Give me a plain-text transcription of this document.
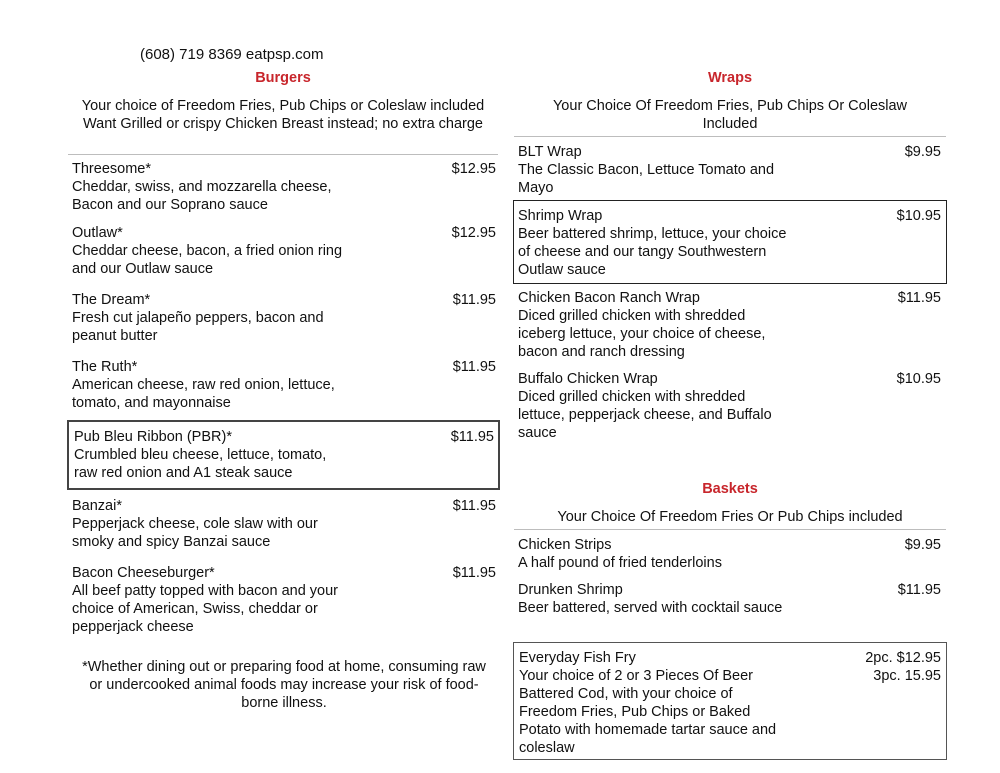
(608) 719 8369 eatpsp.com
Burgers
Your choice of Freedom Fries, Pub Chips or Coleslaw included
Want Grilled or crispy Chicken Breast instead; no extra charge
Threesome*	$12.95
Cheddar, swiss, and mozzarella cheese,
Bacon and our Soprano sauce
Outlaw*	$12.95
Cheddar cheese, bacon, a fried onion ring
and our Outlaw sauce
The Dream*	$11.95
Fresh cut jalapeño peppers, bacon and
peanut butter
The Ruth*	$11.95
American cheese, raw red onion, lettuce,
tomato, and mayonnaise
Pub Bleu Ribbon (PBR)*	$11.95
Crumbled bleu cheese, lettuce, tomato,
raw red onion and A1 steak sauce
Banzai*	$11.95
Pepperjack cheese, cole slaw with our
smoky and spicy Banzai sauce
Bacon Cheeseburger*	$11.95
All beef patty topped with bacon and your
choice of American, Swiss, cheddar or
pepperjack cheese
*Whether dining out or preparing food at home, consuming raw
or undercooked animal foods may increase your risk of food-
borne illness.
Wraps
Your Choice Of Freedom Fries, Pub Chips Or Coleslaw
Included
BLT Wrap	$9.95
The Classic Bacon, Lettuce Tomato and
Mayo
Shrimp Wrap	$10.95
Beer battered shrimp, lettuce, your choice
of cheese and our tangy Southwestern
Outlaw sauce
Chicken Bacon Ranch Wrap	$11.95
Diced grilled chicken with shredded
iceberg lettuce, your choice of cheese,
bacon and ranch dressing
Buffalo Chicken Wrap	$10.95
Diced grilled chicken with shredded
lettuce, pepperjack cheese, and Buffalo
sauce
Baskets
Your Choice Of Freedom Fries Or Pub Chips included
Chicken Strips	$9.95
A half pound of fried tenderloins
Drunken Shrimp	$11.95
Beer battered, served with cocktail sauce
Everyday Fish Fry	2pc. $12.95
3pc. 15.95
Your choice of 2 or 3 Pieces Of Beer
Battered Cod, with your choice of
Freedom Fries, Pub Chips or Baked
Potato with homemade tartar sauce and
coleslaw
